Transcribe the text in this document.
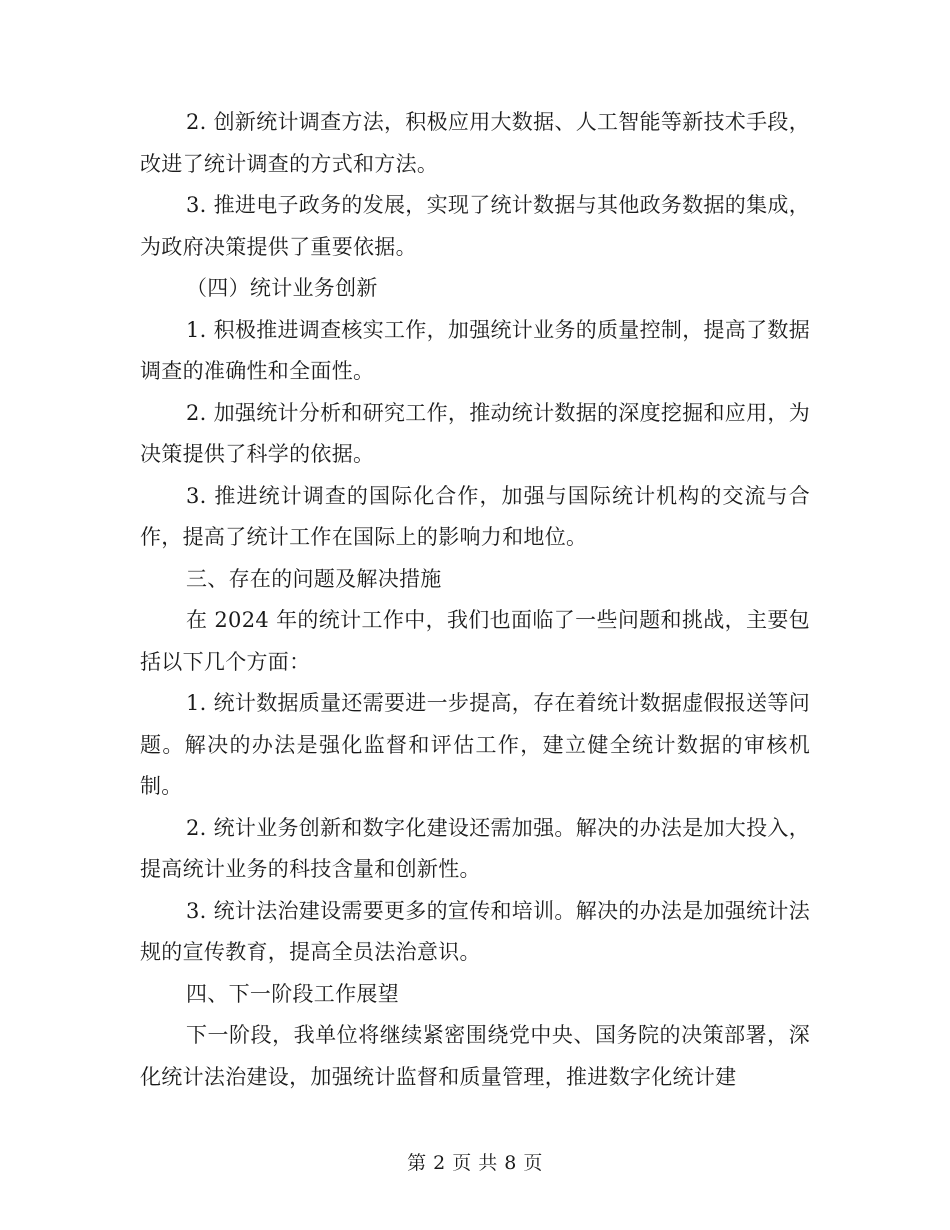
2. 创新统计调查方法，积极应用大数据、人工智能等新技术手段，改进了统计调查的方式和方法。

3. 推进电子政务的发展，实现了统计数据与其他政务数据的集成，为政府决策提供了重要依据。

（四）统计业务创新

1. 积极推进调查核实工作，加强统计业务的质量控制，提高了数据调查的准确性和全面性。

2. 加强统计分析和研究工作，推动统计数据的深度挖掘和应用，为决策提供了科学的依据。

3. 推进统计调查的国际化合作，加强与国际统计机构的交流与合作，提高了统计工作在国际上的影响力和地位。

三、存在的问题及解决措施

在 2024 年的统计工作中，我们也面临了一些问题和挑战，主要包括以下几个方面：

1. 统计数据质量还需要进一步提高，存在着统计数据虚假报送等问题。解决的办法是强化监督和评估工作，建立健全统计数据的审核机制。

2. 统计业务创新和数字化建设还需加强。解决的办法是加大投入，提高统计业务的科技含量和创新性。

3. 统计法治建设需要更多的宣传和培训。解决的办法是加强统计法规的宣传教育，提高全员法治意识。

四、下一阶段工作展望

下一阶段，我单位将继续紧密围绕党中央、国务院的决策部署，深化统计法治建设，加强统计监督和质量管理，推进数字化统计建

第 2 页 共 8 页
